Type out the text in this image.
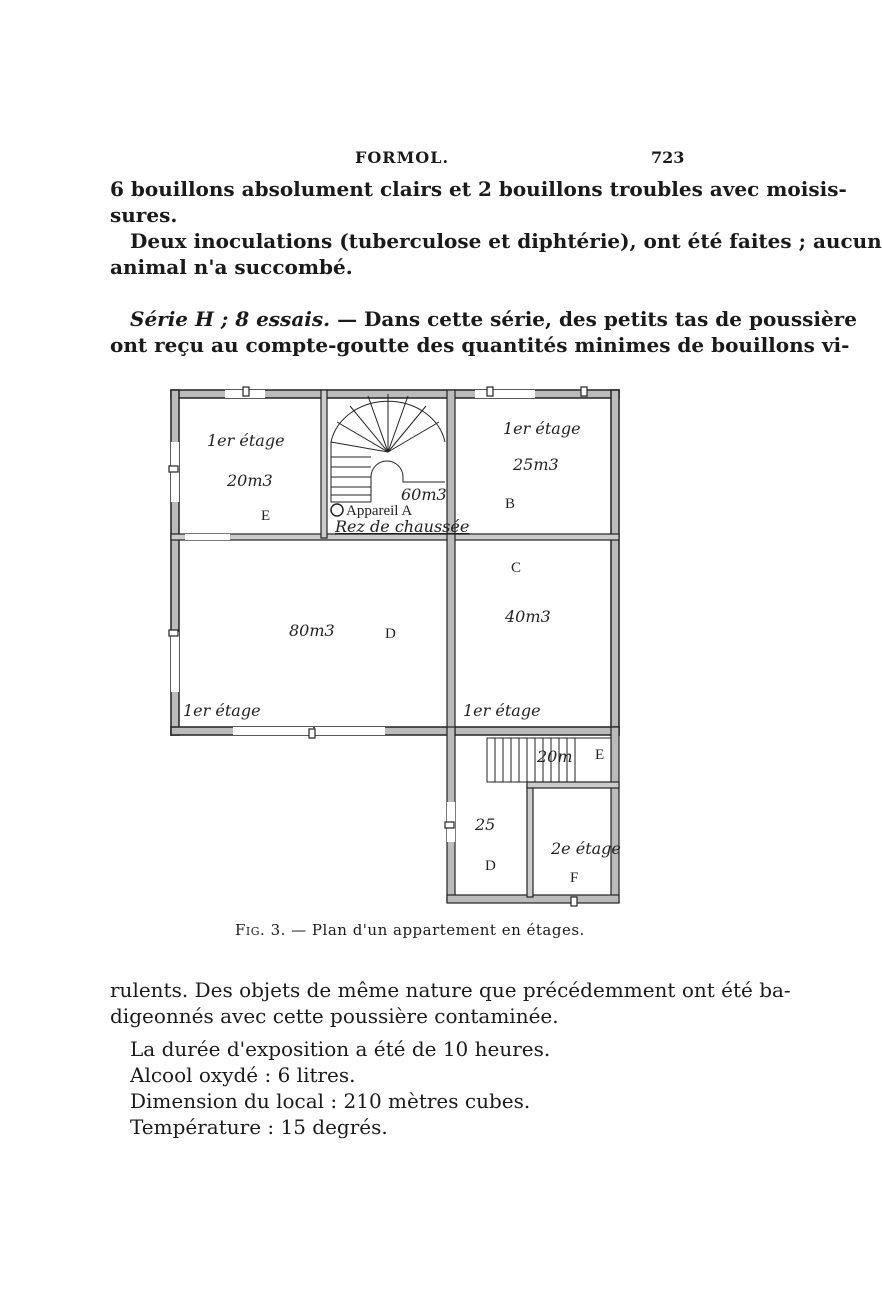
FORMOL.	723
6 bouillons absolument clairs et 2 bouillons troubles avec moisis-
sures.
Deux inoculations (tuberculose et diphtérie), ont été faites ; aucun
animal n'a succombé.
Série H ; 8 essais. — Dans cette série, des petits tas de poussière
ont reçu au compte-goutte des quantités minimes de bouillons vi-
1er étage
20m3
E
60m3
Appareil A
Rez de chaussée
1er étage
25m3
B
C
40m3
80m3	D
1er étage	1er étage
20m E
25
D
2e étage
F
Fig. 3. — Plan d'un appartement en étages.
rulents. Des objets de même nature que précédemment ont été ba-
digeonnés avec cette poussière contaminée.
La durée d'exposition a été de 10 heures.
Alcool oxydé : 6 litres.
Dimension du local : 210 mètres cubes.
Température : 15 degrés.
